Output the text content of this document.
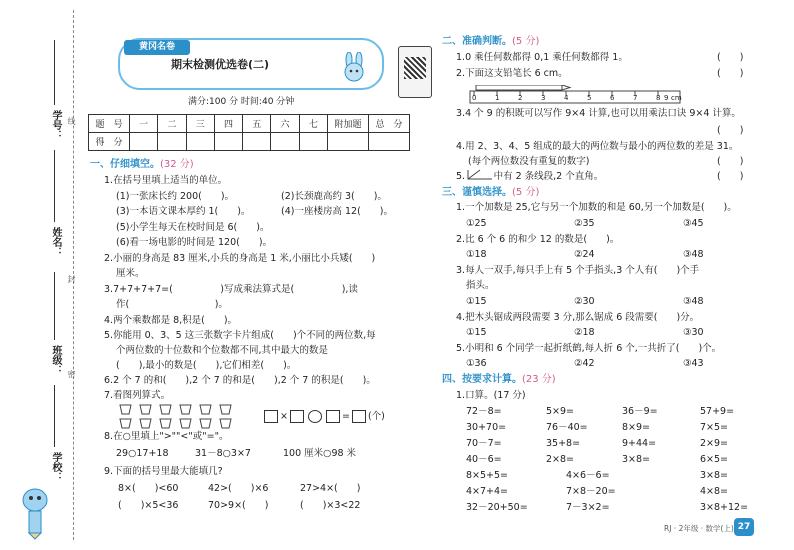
线
封
密
学号：
姓名：
班级：
学校：
黄冈名卷
期末检测优选卷(二)
满分:100 分 时间:40 分钟
题　号	一	二	三	四	五	六	七	附加题	总　分
得　分									
一、仔细填空。(32 分)
1.在括号里填上适当的单位。
(1)一张床长约 200(　　)。	(2)长颈鹿高约 3(　　)。
(3)一本语文课本厚约 1(　　)。	(4)一座楼房高 12(　　)。
(5)小学生每天在校时间是 6(　　)。
(6)看一场电影的时间是 120(　　)。
2.小丽的身高是 83 厘米,小兵的身高是 1 米,小丽比小兵矮(　　)
厘米。
3.7+7+7+7=(　　　　　)写成乘法算式是(　　　　　),读
作(　　　　　　　　　)。
4.两个乘数都是 8,积是(　　)。
5.你能用 0、3、5 这三张数字卡片组成(　　)个不同的两位数,每
个两位数的十位数和个位数都不同,其中最大的数是
(　　),最小的数是(　　),它们相差(　　)。
6.2 个 7 的和(　　),2 个 7 的和是(　　),2 个 7 的积是(　　)。
7.看图列算式。
×	= (个)
8.在○里填上">""<"或"="。
29○17+18	31－8○3×7	100 厘米○98 米
9.下面的括号里最大能填几?
8×(　　)<60	42>(　　)×6	27>4×(　　)
(　　)×5<36	70>9×(　　)	(　　)×3<22
二、准确判断。(5 分)
1.0 乘任何数都得 0,1 乘任何数都得 1。	(　　)
2.下面这支铅笔长 6 cm。	(　　)
0	1	2	3	4	5	6	7	8 9 cm
3.4 个 9 的积既可以写作 9×4 计算,也可以用乘法口诀 9×4 计算。
(　　)
4.用 2、3、4、5 组成的最大的两位数与最小的两位数的差是 31。
(每个两位数没有重复的数字)	(　　)
5.　　　中有 2 条线段,2 个直角。	(　　)
三、谨慎选择。(5 分)
1.一个加数是 25,它与另一个加数的和是 60,另一个加数是(　　)。
①25	②35	③45
2.比 6 个 6 的和少 12 的数是(　　)。
①18	②24	③48
3.每人一双手,每只手上有 5 个手指头,3 个人有(　　)个手
指头。
①15	②30	③48
4.把木头锯成两段需要 3 分,那么锯成 6 段需要(　　)分。
①15	②18	③30
5.小明和 6 个同学一起折纸鹤,每人折 6 个,一共折了(　　)个。
①36	②42	③43
四、按要求计算。(23 分)
1.口算。(17 分)
72－8=	5×9=	36－9=	57+9=
30+70=	76－40=	8×9=	7×5=
70－7=	35+8=	9+44=	2×9=
40－6=	2×8=	3×8=	6×5=
8×5+5=	4×6－6=	3×8=
4×7+4=	7×8－20=	4×8=
32－20+50=	7－3×2=	3×8+12=
RJ · 2年级 · 数学(上) 27
